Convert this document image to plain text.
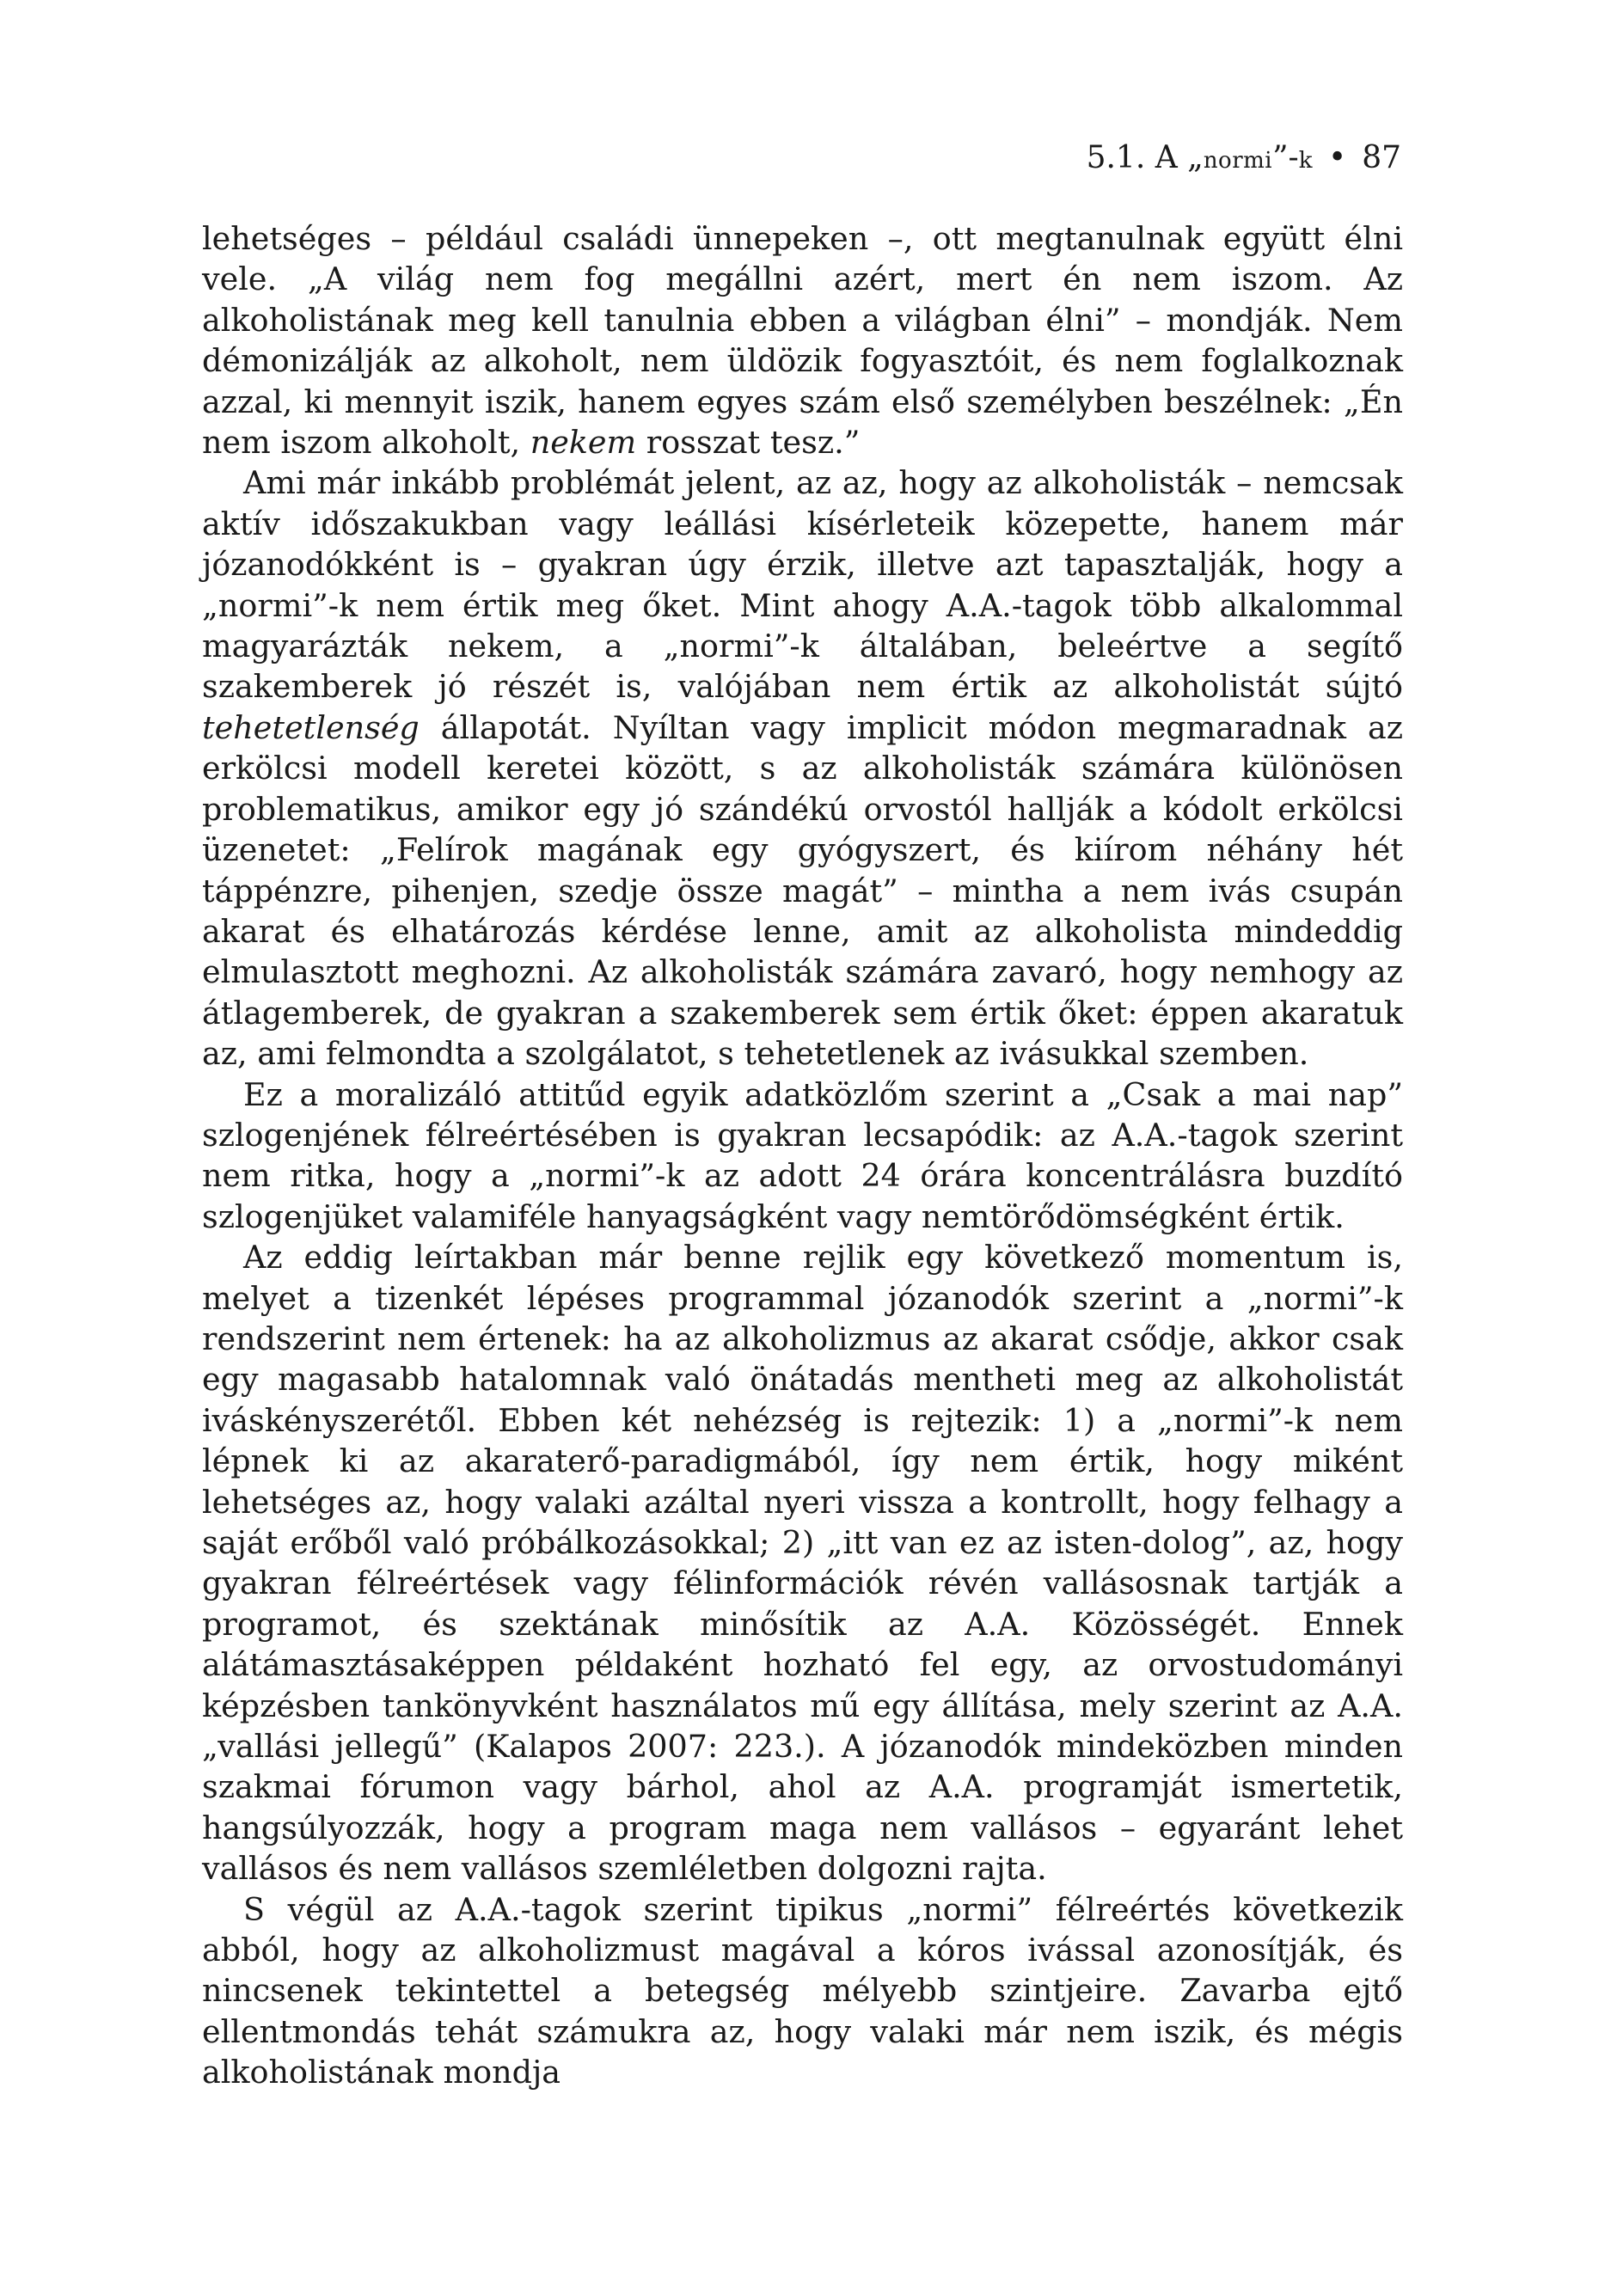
5.1. A „normi”-k • 87

lehetséges – például családi ünnepeken –, ott megtanulnak együtt élni vele. „A világ nem fog megállni azért, mert én nem iszom. Az alkoholistának meg kell tanulnia ebben a világban élni” – mondják. Nem démonizálják az alkoholt, nem üldözik fogyasztóit, és nem foglalkoznak azzal, ki mennyit iszik, hanem egyes szám első személyben beszélnek: „Én nem iszom alkoholt, nekem rosszat tesz.”

Ami már inkább problémát jelent, az az, hogy az alkoholisták – nemcsak aktív időszakukban vagy leállási kísérleteik közepette, hanem már józanodókként is – gyakran úgy érzik, illetve azt tapasztalják, hogy a „normi”-k nem értik meg őket. Mint ahogy A.A.-tagok több alkalommal magyarázták nekem, a „normi”-k általában, beleértve a segítő szakemberek jó részét is, valójában nem értik az alkoholistát sújtó tehetetlenség állapotát. Nyíltan vagy implicit módon megmaradnak az erkölcsi modell keretei között, s az alkoholisták számára különösen problematikus, amikor egy jó szándékú orvostól hallják a kódolt erkölcsi üzenetet: „Felírok magának egy gyógyszert, és kiírom néhány hét táppénzre, pihenjen, szedje össze magát” – mintha a nem ivás csupán akarat és elhatározás kérdése lenne, amit az alkoholista mindeddig elmulasztott meghozni. Az alkoholisták számára zavaró, hogy nemhogy az átlagemberek, de gyakran a szakemberek sem értik őket: éppen akaratuk az, ami felmondta a szolgálatot, s tehetetlenek az ivásukkal szemben.

Ez a moralizáló attitűd egyik adatközlőm szerint a „Csak a mai nap” szlogenjének félreértésében is gyakran lecsapódik: az A.A.-tagok szerint nem ritka, hogy a „normi”-k az adott 24 órára koncentrálásra buzdító szlogenjüket valamiféle hanyagságként vagy nemtörődömségként értik.

Az eddig leírtakban már benne rejlik egy következő momentum is, melyet a tizenkét lépéses programmal józanodók szerint a „normi”-k rendszerint nem értenek: ha az alkoholizmus az akarat csődje, akkor csak egy magasabb hatalomnak való önátadás mentheti meg az alkoholistát iváskényszerétől. Ebben két nehézség is rejtezik: 1) a „normi”-k nem lépnek ki az akaraterő-paradigmából, így nem értik, hogy miként lehetséges az, hogy valaki azáltal nyeri vissza a kontrollt, hogy felhagy a saját erőből való próbálkozásokkal; 2) „itt van ez az isten-dolog”, az, hogy gyakran félreértések vagy félinformációk révén vallásosnak tartják a programot, és szektának minősítik az A.A. Közösségét. Ennek alátámasztásaképpen példaként hozható fel egy, az orvostudományi képzésben tankönyvként használatos mű egy állítása, mely szerint az A.A. „vallási jellegű” (Kalapos 2007: 223.). A józanodók mindeközben minden szakmai fórumon vagy bárhol, ahol az A.A. programját ismertetik, hangsúlyozzák, hogy a program maga nem vallásos – egyaránt lehet vallásos és nem vallásos szemléletben dolgozni rajta.

S végül az A.A.-tagok szerint tipikus „normi” félreértés következik abból, hogy az alkoholizmust magával a kóros ivással azonosítják, és nincsenek tekintettel a betegség mélyebb szintjeire. Zavarba ejtő ellentmondás tehát számukra az, hogy valaki már nem iszik, és mégis alkoholistának mondja
